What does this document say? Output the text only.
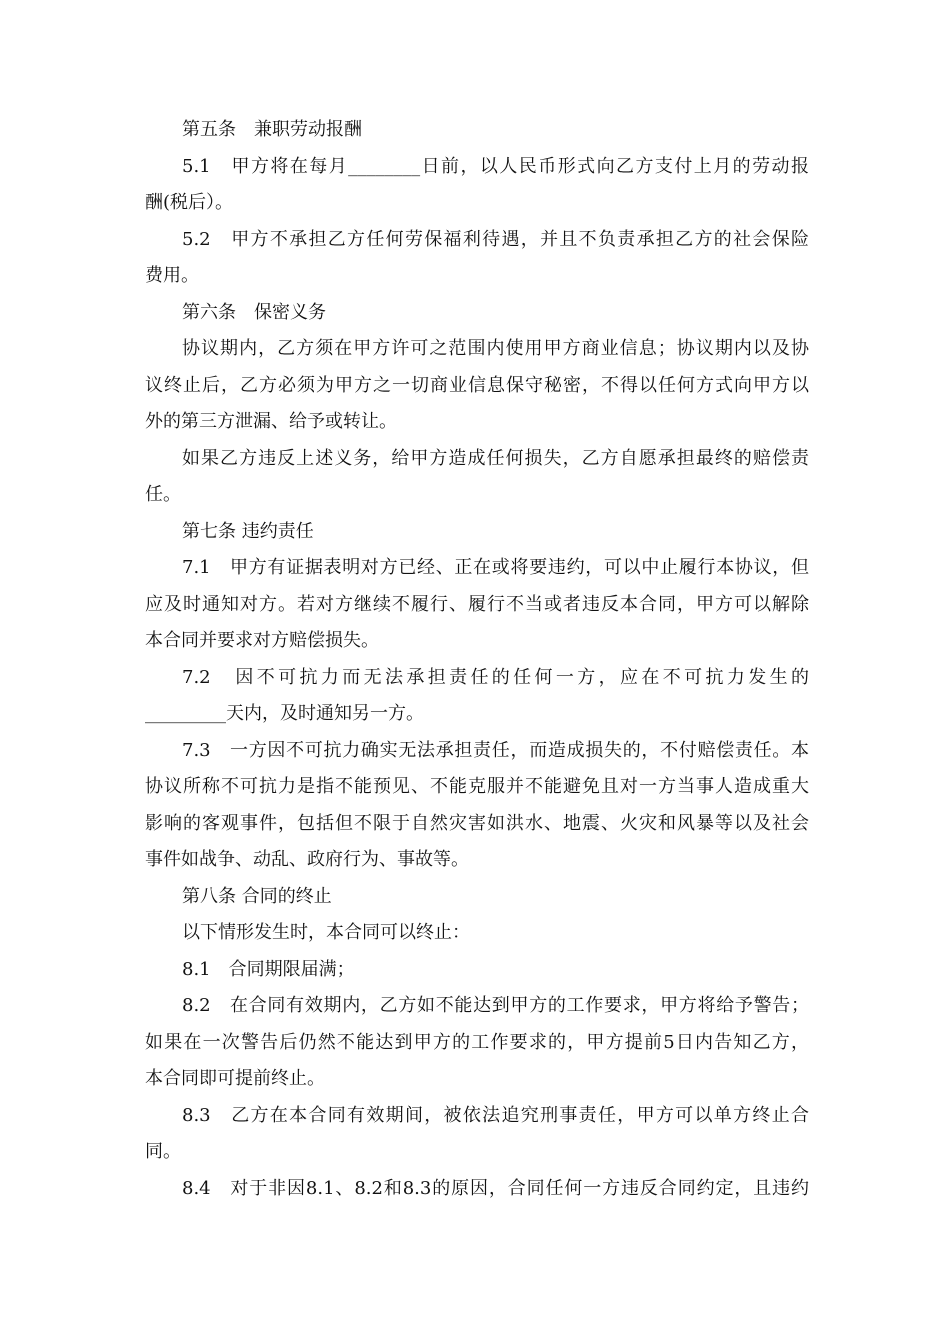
第五条　兼职劳动报酬
5.1　甲方将在每月________日前，以人民币形式向乙方支付上月的劳动报
酬(税后）。
5.2　甲方不承担乙方任何劳保福利待遇，并且不负责承担乙方的社会保险
费用。
第六条　保密义务
协议期内，乙方须在甲方许可之范围内使用甲方商业信息；协议期内以及协
议终止后，乙方必须为甲方之一切商业信息保守秘密，不得以任何方式向甲方以
外的第三方泄漏、给予或转让。
如果乙方违反上述义务，给甲方造成任何损失，乙方自愿承担最终的赔偿责
任。
第七条 违约责任
7.1　甲方有证据表明对方已经、正在或将要违约，可以中止履行本协议，但
应及时通知对方。若对方继续不履行、履行不当或者违反本合同，甲方可以解除
本合同并要求对方赔偿损失。
7.2　因不可抗力而无法承担责任的任何一方，应在不可抗力发生的
_________天内，及时通知另一方。
7.3　一方因不可抗力确实无法承担责任，而造成损失的，不付赔偿责任。本
协议所称不可抗力是指不能预见、不能克服并不能避免且对一方当事人造成重大
影响的客观事件，包括但不限于自然灾害如洪水、地震、火灾和风暴等以及社会
事件如战争、动乱、政府行为、事故等。
第八条 合同的终止
以下情形发生时，本合同可以终止：
8.1　合同期限届满；
8.2　在合同有效期内，乙方如不能达到甲方的工作要求，甲方将给予警告；
如果在一次警告后仍然不能达到甲方的工作要求的，甲方提前5日内告知乙方，
本合同即可提前终止。
8.3　乙方在本合同有效期间，被依法追究刑事责任，甲方可以单方终止合
同。
8.4　对于非因8.1、8.2和8.3的原因，合同任何一方违反合同约定，且违约
